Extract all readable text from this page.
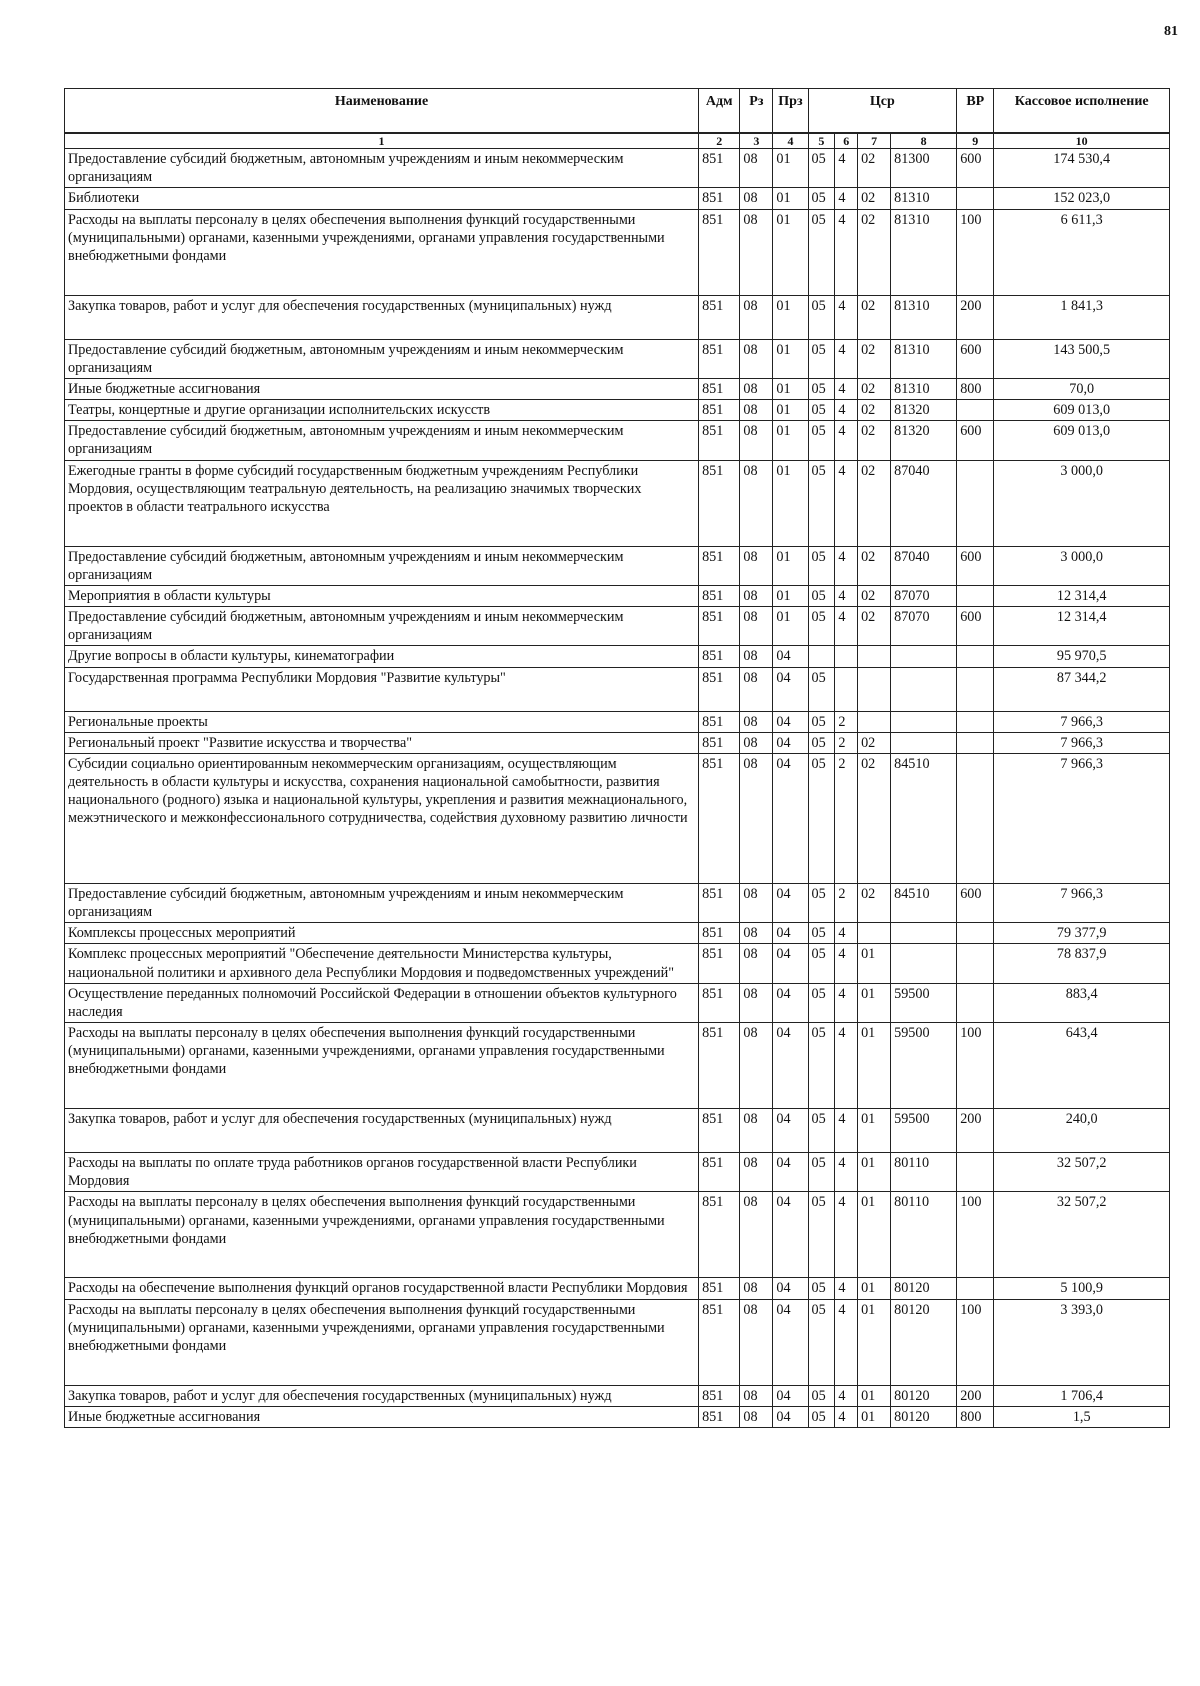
81
Наименование	Адм	Рз	Прз	Цср				ВР	Кассовое исполнение
1	2	3	4	5	6	7	8	9	10
Предоставление субсидий бюджетным, автономным учреждениям и иным некоммерческим организациям	851	08	01	05	4	02	81300	600	174 530,4
Библиотеки	851	08	01	05	4	02	81310		152 023,0
Расходы на выплаты персоналу в целях обеспечения выполнения функций государственными (муниципальными) органами, казенными учреждениями, органами управления государственными внебюджетными фондами	851	08	01	05	4	02	81310	100	6 611,3
Закупка товаров, работ и услуг для обеспечения государственных (муниципальных) нужд	851	08	01	05	4	02	81310	200	1 841,3
Предоставление субсидий бюджетным, автономным учреждениям и иным некоммерческим организациям	851	08	01	05	4	02	81310	600	143 500,5
Иные бюджетные ассигнования	851	08	01	05	4	02	81310	800	70,0
Театры, концертные и другие организации исполнительских искусств	851	08	01	05	4	02	81320		609 013,0
Предоставление субсидий бюджетным, автономным учреждениям и иным некоммерческим организациям	851	08	01	05	4	02	81320	600	609 013,0
Ежегодные гранты в форме субсидий государственным бюджетным учреждениям Республики Мордовия, осуществляющим театральную деятельность, на реализацию значимых творческих проектов в области театрального искусства	851	08	01	05	4	02	87040		3 000,0
Предоставление субсидий бюджетным, автономным учреждениям и иным некоммерческим организациям	851	08	01	05	4	02	87040	600	3 000,0
Мероприятия в области культуры	851	08	01	05	4	02	87070		12 314,4
Предоставление субсидий бюджетным, автономным учреждениям и иным некоммерческим организациям	851	08	01	05	4	02	87070	600	12 314,4
Другие вопросы в области культуры, кинематографии	851	08	04						95 970,5
Государственная программа Республики Мордовия "Развитие культуры"	851	08	04	05					87 344,2
Региональные проекты	851	08	04	05	2				7 966,3
Региональный проект "Развитие искусства и творчества"	851	08	04	05	2	02			7 966,3
Субсидии социально ориентированным некоммерческим организациям, осуществляющим деятельность в области культуры и искусства, сохранения национальной самобытности, развития национального (родного) языка и национальной культуры, укрепления и развития межнационального, межэтнического и межконфессионального сотрудничества, содействия духовному развитию личности	851	08	04	05	2	02	84510		7 966,3
Предоставление субсидий бюджетным, автономным учреждениям и иным некоммерческим организациям	851	08	04	05	2	02	84510	600	7 966,3
Комплексы процессных мероприятий	851	08	04	05	4				79 377,9
Комплекс процессных мероприятий "Обеспечение деятельности Министерства культуры, национальной политики и архивного дела Республики Мордовия и подведомственных учреждений"	851	08	04	05	4	01			78 837,9
Осуществление переданных полномочий Российской Федерации в отношении объектов культурного наследия	851	08	04	05	4	01	59500		883,4
Расходы на выплаты персоналу в целях обеспечения выполнения функций государственными (муниципальными) органами, казенными учреждениями, органами управления государственными внебюджетными фондами	851	08	04	05	4	01	59500	100	643,4
Закупка товаров, работ и услуг для обеспечения государственных (муниципальных) нужд	851	08	04	05	4	01	59500	200	240,0
Расходы на выплаты по оплате труда работников органов государственной власти Республики Мордовия	851	08	04	05	4	01	80110		32 507,2
Расходы на выплаты персоналу в целях обеспечения выполнения функций государственными (муниципальными) органами, казенными учреждениями, органами управления государственными внебюджетными фондами	851	08	04	05	4	01	80110	100	32 507,2
Расходы на обеспечение выполнения функций органов государственной власти Республики Мордовия	851	08	04	05	4	01	80120		5 100,9
Расходы на выплаты персоналу в целях обеспечения выполнения функций государственными (муниципальными) органами, казенными учреждениями, органами управления государственными внебюджетными фондами	851	08	04	05	4	01	80120	100	3 393,0
Закупка товаров, работ и услуг для обеспечения государственных (муниципальных) нужд	851	08	04	05	4	01	80120	200	1 706,4
Иные бюджетные ассигнования	851	08	04	05	4	01	80120	800	1,5
